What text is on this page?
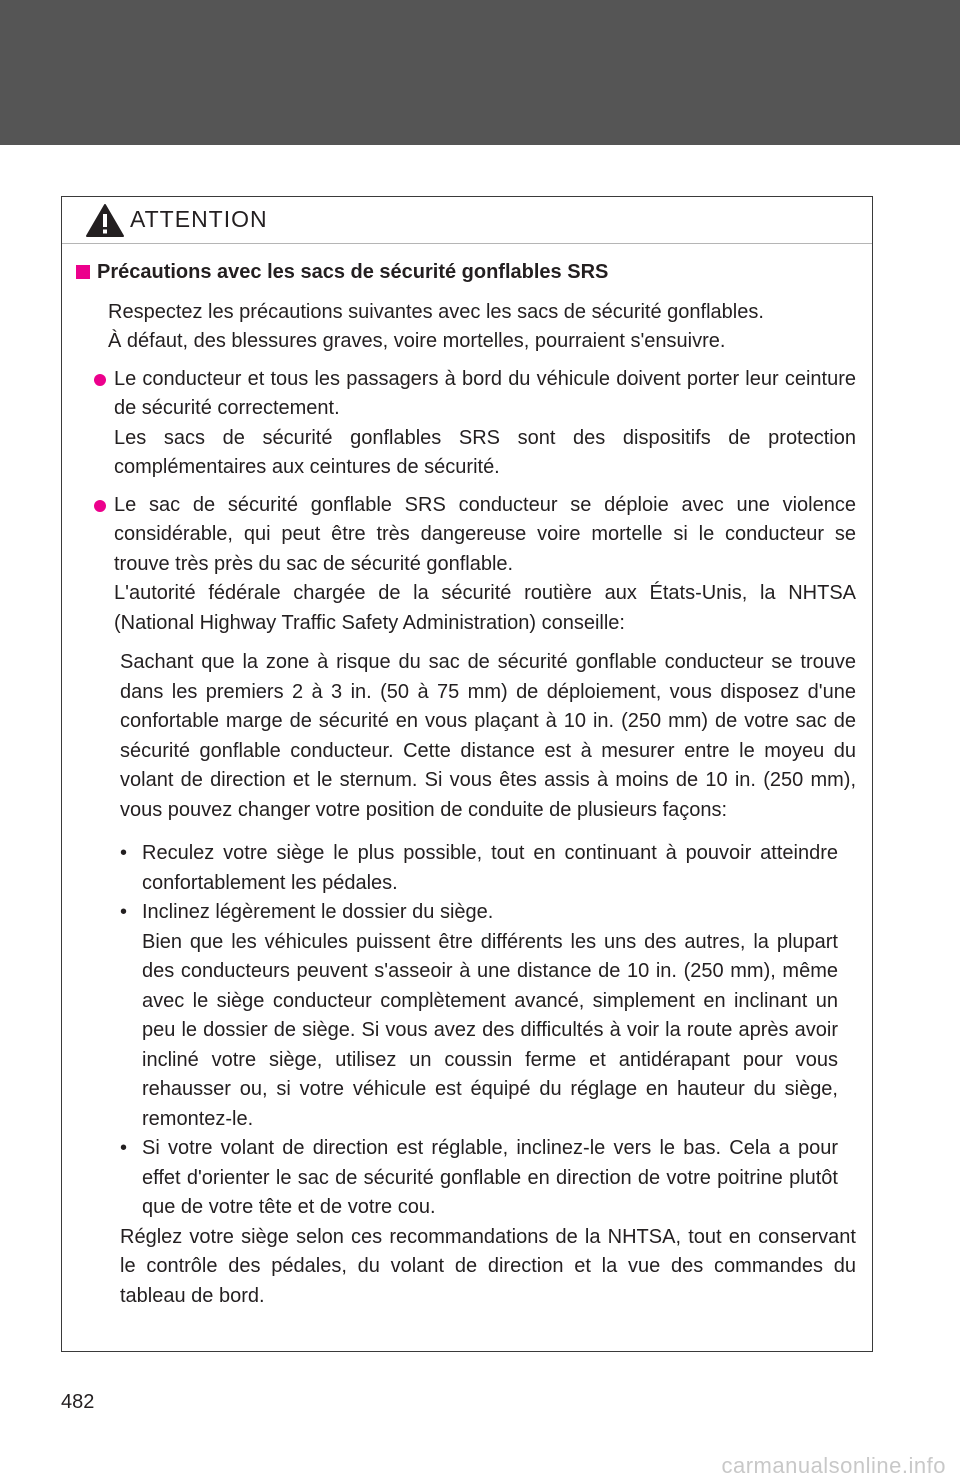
ATTENTION
Précautions avec les sacs de sécurité gonflables SRS
Respectez les précautions suivantes avec les sacs de sécurité gonflables.
À défaut, des blessures graves, voire mortelles, pourraient s'ensuivre.
Le conducteur et tous les passagers à bord du véhicule doivent porter leur ceinture de sécurité correctement.
Les sacs de sécurité gonflables SRS sont des dispositifs de protection complémentaires aux ceintures de sécurité.
Le sac de sécurité gonflable SRS conducteur se déploie avec une violence considérable, qui peut être très dangereuse voire mortelle si le conducteur se trouve très près du sac de sécurité gonflable.
L'autorité fédérale chargée de la sécurité routière aux États-Unis, la NHTSA (National Highway Traffic Safety Administration) conseille:
Sachant que la zone à risque du sac de sécurité gonflable conducteur se trouve dans les premiers 2 à 3 in. (50 à 75 mm) de déploiement, vous disposez d'une confortable marge de sécurité en vous plaçant à 10 in. (250 mm) de votre sac de sécurité gonflable conducteur. Cette distance est à mesurer entre le moyeu du volant de direction et le sternum. Si vous êtes assis à moins de 10 in. (250 mm), vous pouvez changer votre position de conduite de plusieurs façons:
• Reculez votre siège le plus possible, tout en continuant à pouvoir atteindre confortablement les pédales.
• Inclinez légèrement le dossier du siège.
Bien que les véhicules puissent être différents les uns des autres, la plupart des conducteurs peuvent s'asseoir à une distance de 10 in. (250 mm), même avec le siège conducteur complètement avancé, simplement en inclinant un peu le dossier de siège. Si vous avez des difficultés à voir la route après avoir incliné votre siège, utilisez un coussin ferme et antidérapant pour vous rehausser ou, si votre véhicule est équipé du réglage en hauteur du siège, remontez-le.
• Si votre volant de direction est réglable, inclinez-le vers le bas. Cela a pour effet d'orienter le sac de sécurité gonflable en direction de votre poitrine plutôt que de votre tête et de votre cou.
Réglez votre siège selon ces recommandations de la NHTSA, tout en conservant le contrôle des pédales, du volant de direction et la vue des commandes du tableau de bord.
482
carmanualsonline.info
